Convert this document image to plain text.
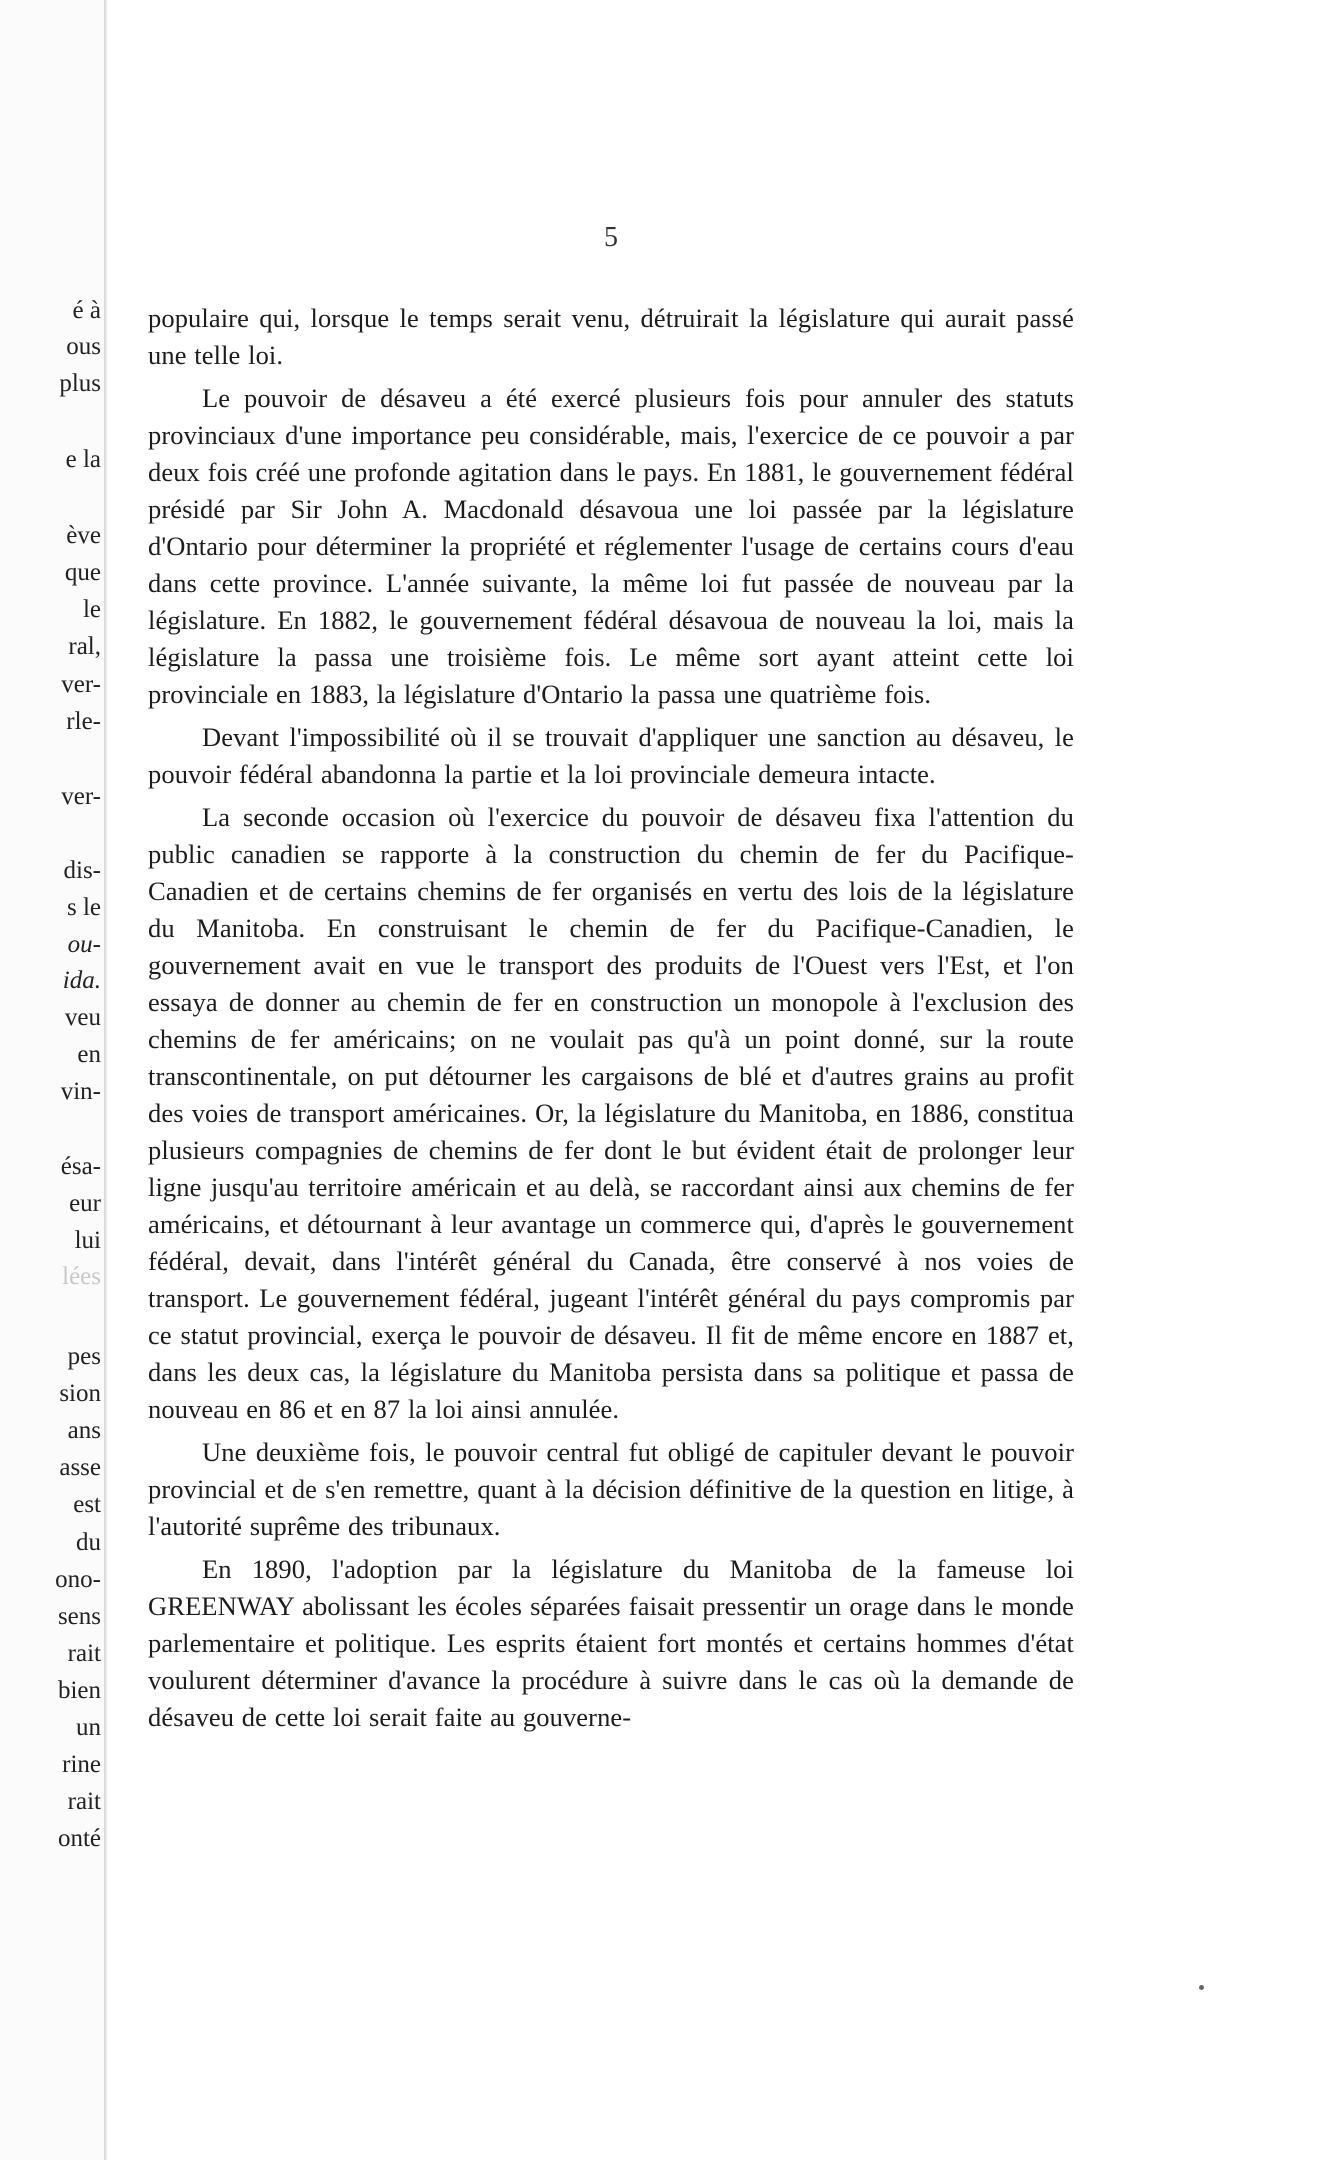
é à
ous
plus
e la
ève
que
le
ral,
ver-
rle-
ver-
dis-
s le
ou-
ida.
veu
en
vin-
ésa-
eur
lui
lées
pes
sion
ans
asse
est
du
ono-
sens
rait
bien
un
rine
rait
onté
5

populaire qui, lorsque le temps serait venu, détruirait la législature qui aurait passé une telle loi.

Le pouvoir de désaveu a été exercé plusieurs fois pour annuler des statuts provinciaux d'une importance peu considérable, mais, l'exercice de ce pouvoir a par deux fois créé une profonde agitation dans le pays. En 1881, le gouvernement fédéral présidé par Sir John A. Macdonald désavoua une loi passée par la législature d'Ontario pour déterminer la propriété et réglementer l'usage de certains cours d'eau dans cette province. L'année suivante, la même loi fut passée de nouveau par la législature. En 1882, le gouvernement fédéral désavoua de nouveau la loi, mais la législature la passa une troisième fois. Le même sort ayant atteint cette loi provinciale en 1883, la législature d'Ontario la passa une quatrième fois.

Devant l'impossibilité où il se trouvait d'appliquer une sanction au désaveu, le pouvoir fédéral abandonna la partie et la loi provinciale demeura intacte.

La seconde occasion où l'exercice du pouvoir de désaveu fixa l'attention du public canadien se rapporte à la construction du chemin de fer du Pacifique-Canadien et de certains chemins de fer organisés en vertu des lois de la législature du Manitoba. En construisant le chemin de fer du Pacifique-Canadien, le gouvernement avait en vue le transport des produits de l'Ouest vers l'Est, et l'on essaya de donner au chemin de fer en construction un monopole à l'exclusion des chemins de fer américains; on ne voulait pas qu'à un point donné, sur la route transcontinentale, on put détourner les cargaisons de blé et d'autres grains au profit des voies de transport américaines. Or, la législature du Manitoba, en 1886, constitua plusieurs compagnies de chemins de fer dont le but évident était de prolonger leur ligne jusqu'au territoire américain et au delà, se raccordant ainsi aux chemins de fer américains, et détournant à leur avantage un commerce qui, d'après le gouvernement fédéral, devait, dans l'intérêt général du Canada, être conservé à nos voies de transport. Le gouvernement fédéral, jugeant l'intérêt général du pays compromis par ce statut provincial, exerça le pouvoir de désaveu. Il fit de même encore en 1887 et, dans les deux cas, la législature du Manitoba persista dans sa politique et passa de nouveau en 86 et en 87 la loi ainsi annulée.

Une deuxième fois, le pouvoir central fut obligé de capituler devant le pouvoir provincial et de s'en remettre, quant à la décision définitive de la question en litige, à l'autorité suprême des tribunaux.

En 1890, l'adoption par la législature du Manitoba de la fameuse loi GREENWAY abolissant les écoles séparées faisait pressentir un orage dans le monde parlementaire et politique. Les esprits étaient fort montés et certains hommes d'état voulurent déterminer d'avance la procédure à suivre dans le cas où la demande de désaveu de cette loi serait faite au gouverne-
